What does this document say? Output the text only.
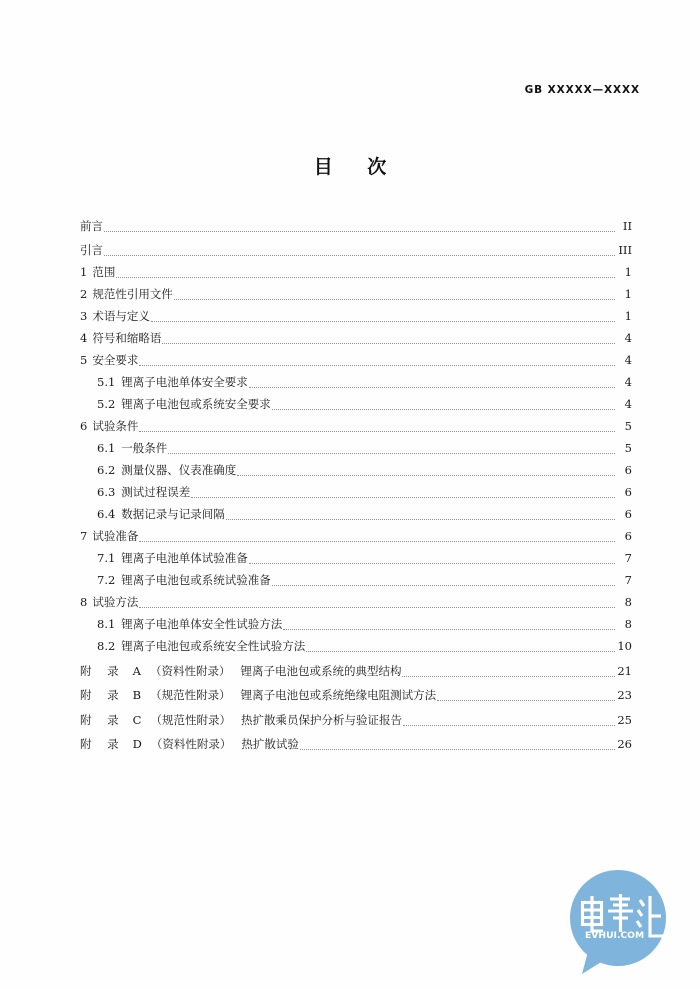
GB XXXXX—XXXX
目 次
前言	II
引言	III
1 范围	1
2 规范性引用文件	1
3 术语与定义	1
4 符号和缩略语	4
5 安全要求	4
5.1 锂离子电池单体安全要求	4
5.2 锂离子电池包或系统安全要求	4
6 试验条件	5
6.1 一般条件	5
6.2 测量仪器、仪表准确度	6
6.3 测试过程误差	6
6.4 数据记录与记录间隔	6
7 试验准备	6
7.1 锂离子电池单体试验准备	7
7.2 锂离子电池包或系统试验准备	7
8 试验方法	8
8.1 锂离子电池单体安全性试验方法	8
8.2 锂离子电池包或系统安全性试验方法	10
附 录 A （资料性附录） 锂离子电池包或系统的典型结构	21
附 录 B （规范性附录） 锂离子电池包或系统绝缘电阻测试方法	23
附 录 C （规范性附录） 热扩散乘员保护分析与验证报告	25
附 录 D （资料性附录） 热扩散试验	26
EVHUI.COM
